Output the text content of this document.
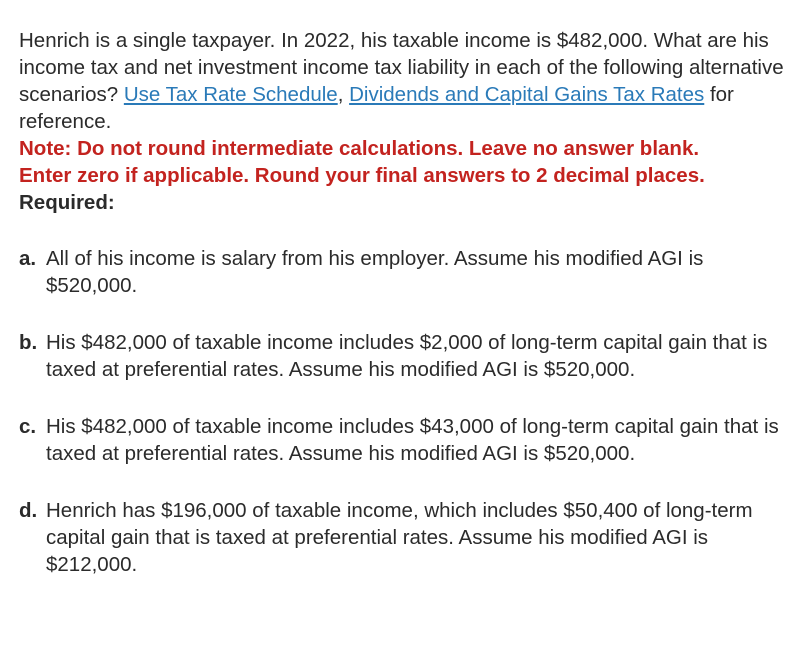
Henrich is a single taxpayer. In 2022, his taxable income is $482,000. What are his income tax and net investment income tax liability in each of the following alternative scenarios? Use Tax Rate Schedule, Dividends and Capital Gains Tax Rates for reference.

Note: Do not round intermediate calculations. Leave no answer blank.
Enter zero if applicable. Round your final answers to 2 decimal places.

Required:

a. All of his income is salary from his employer. Assume his modified AGI is $520,000.
b. His $482,000 of taxable income includes $2,000 of long-term capital gain that is taxed at preferential rates. Assume his modified AGI is $520,000.
c. His $482,000 of taxable income includes $43,000 of long-term capital gain that is taxed at preferential rates. Assume his modified AGI is $520,000.
d. Henrich has $196,000 of taxable income, which includes $50,400 of long-term capital gain that is taxed at preferential rates. Assume his modified AGI is $212,000.
